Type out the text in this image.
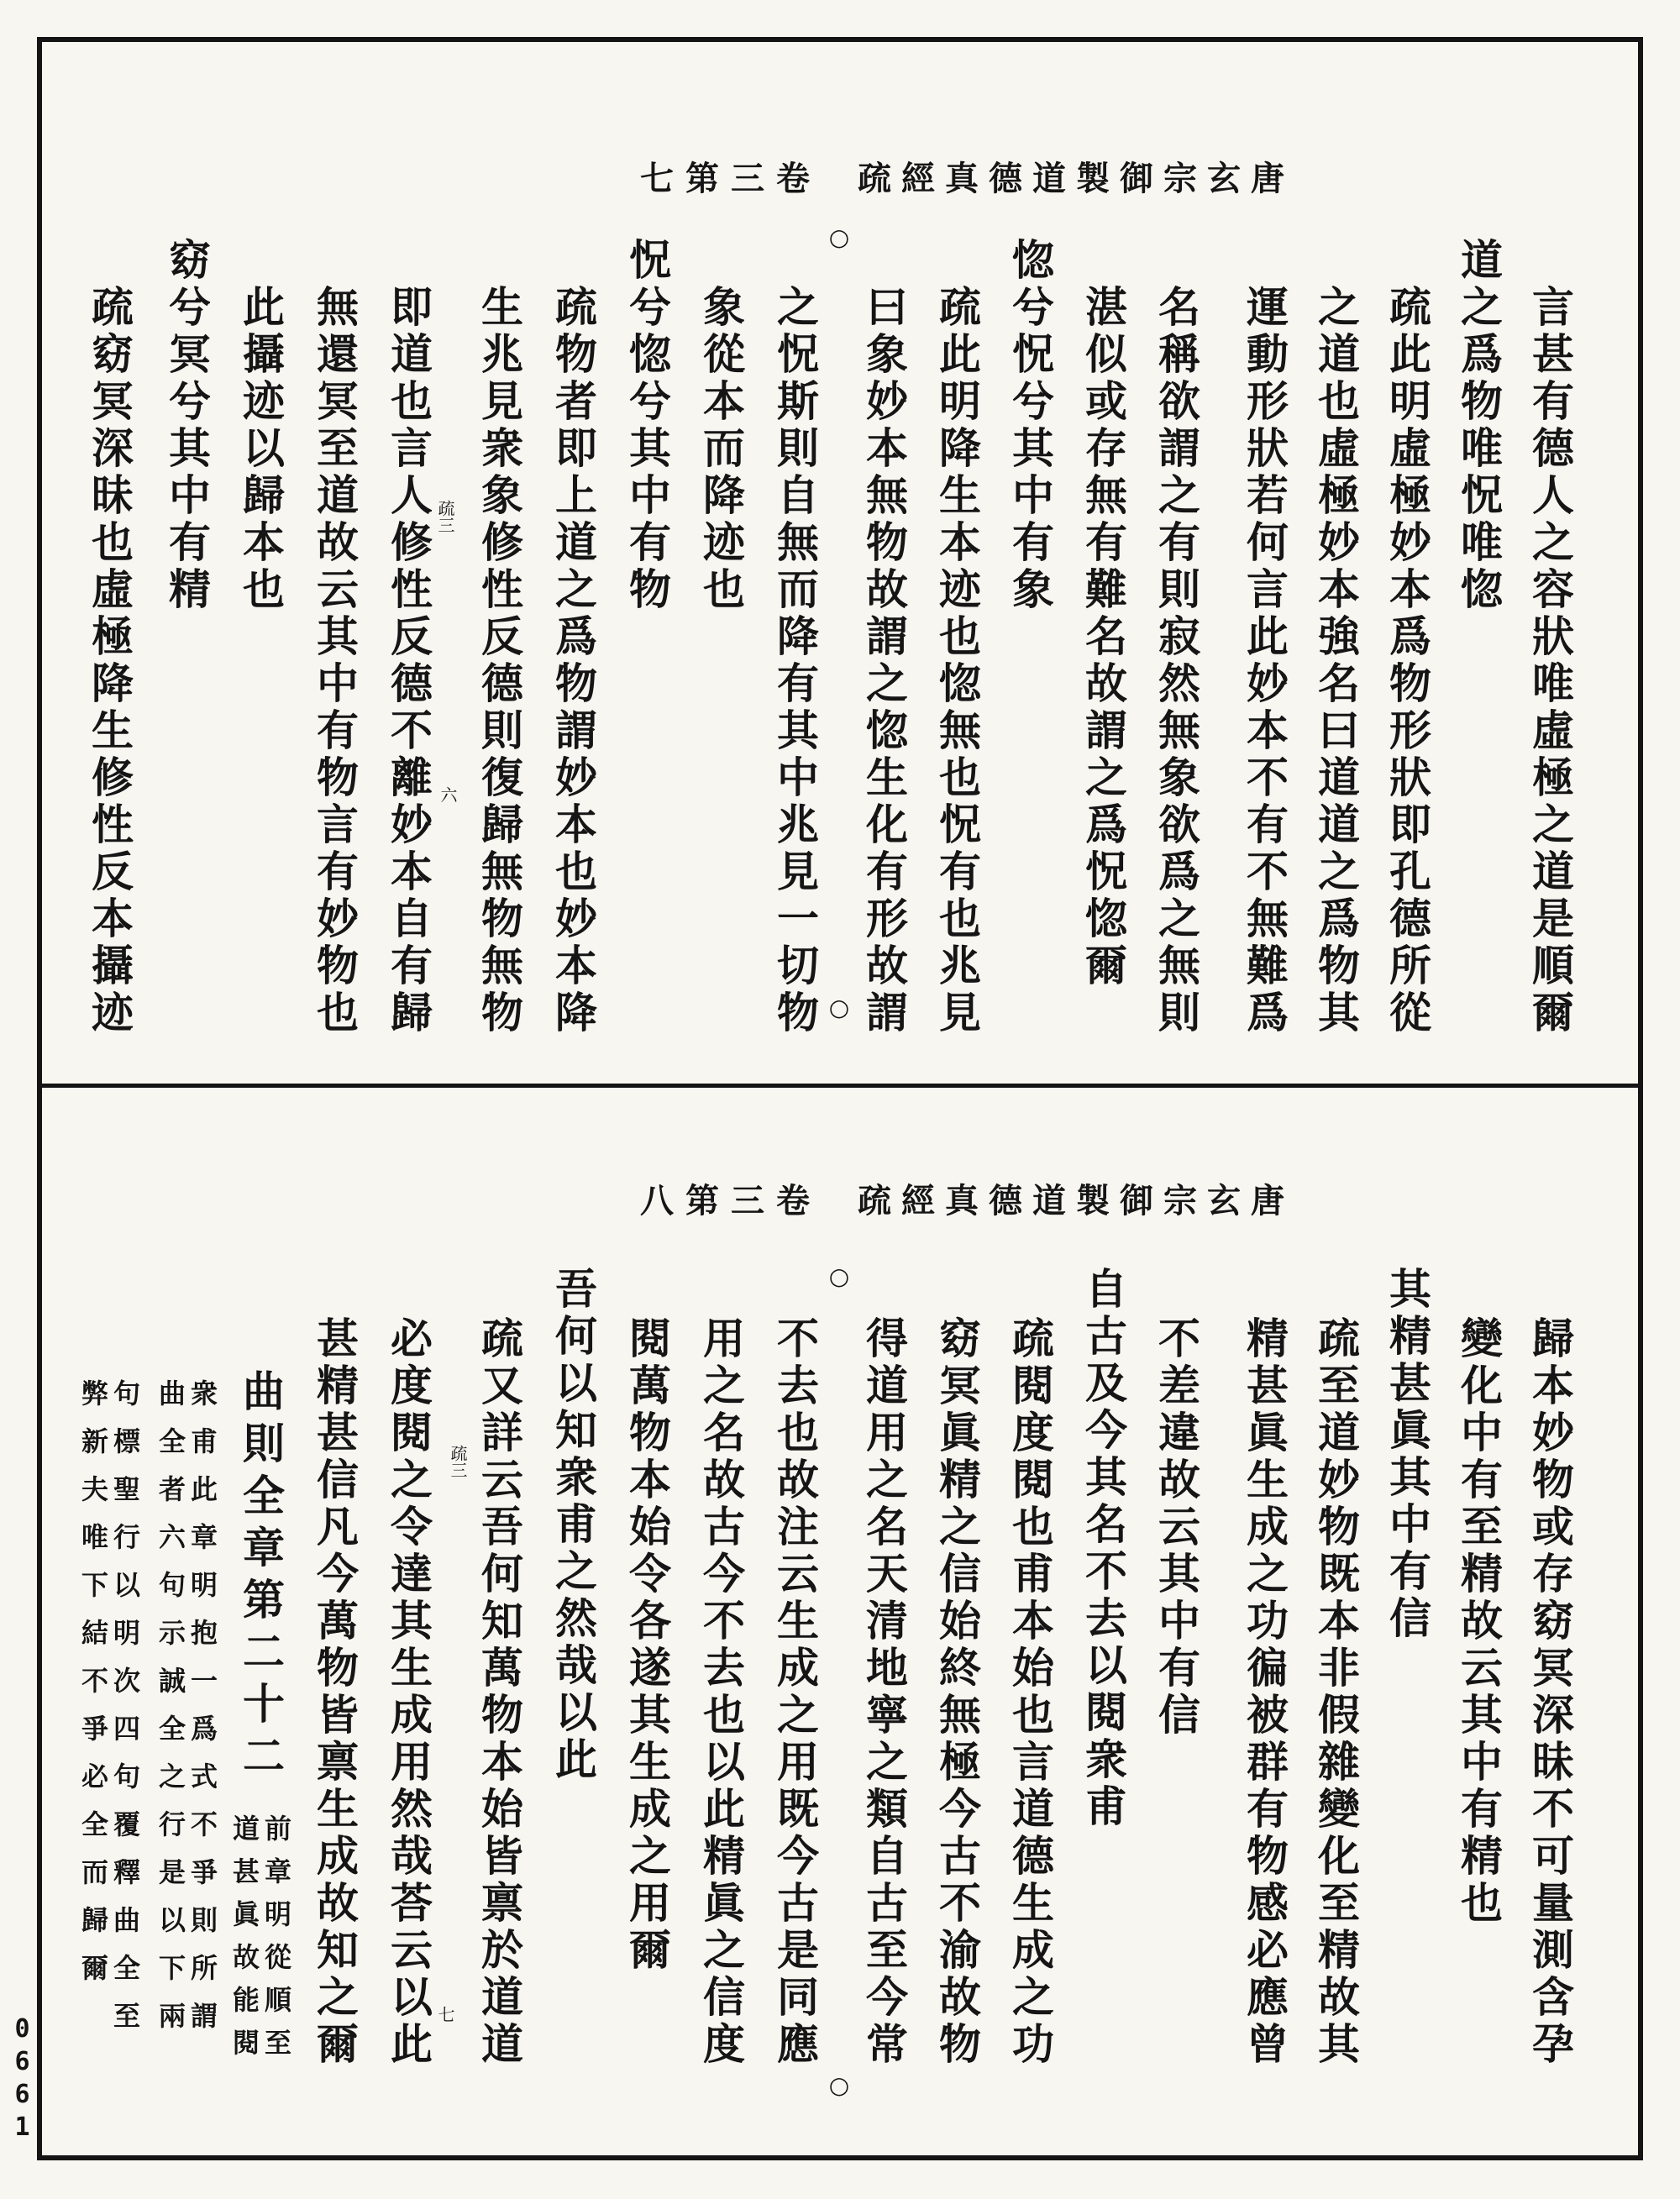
唐玄宗御製道德真經疏
卷三第七
言甚有德人之容狀唯虛極之道是順爾
道之爲物唯怳唯惚
疏此明虛極妙本爲物形狀即孔德所從
之道也虛極妙本強名曰道道之爲物其
運動形狀若何言此妙本不有不無難爲
名稱欲謂之有則寂然無象欲爲之無則
湛似或存無有難名故謂之爲怳惚爾
惚兮怳兮其中有象
疏此明降生本迹也惚無也怳有也兆見
曰象妙本無物故謂之惚生化有形故謂
之怳斯則自無而降有其中兆見一切物
象從本而降迹也
怳兮惚兮其中有物
疏物者即上道之爲物謂妙本也妙本降
生兆見衆象修性反德則復歸無物無物
即道也言人修性反德不離妙本自有歸
無還冥至道故云其中有物言有妙物也
此攝迹以歸本也
窈兮冥兮其中有精
疏窈冥深昧也虛極降生修性反本攝迹
○
○
疏三
六
唐玄宗御製道德真經疏
卷三第八
歸本妙物或存窈冥深昧不可量測含孕
變化中有至精故云其中有精也
其精甚眞其中有信
疏至道妙物既本非假雜變化至精故其
精甚眞生成之功徧被群有物感必應曾
不差違故云其中有信
自古及今其名不去以閱衆甫
疏閱度閱也甫本始也言道德生成之功
窈冥眞精之信始終無極今古不渝故物
得道用之名天清地寧之類自古至今常
不去也故注云生成之用既今古是同應
用之名故古今不去也以此精眞之信度
閱萬物本始令各遂其生成之用爾
吾何以知衆甫之然哉以此
疏又詳云吾何知萬物本始皆禀於道道
必度閱之令達其生成用然哉荅云以此
甚精甚信凡今萬物皆禀生成故知之爾
曲則全章第二十二
前章明從順至
道甚眞故能閱
衆甫此章明抱一爲式不爭則所謂
曲全者六句示誠全之行是以下兩
句標聖行以明次四句覆釋曲全至
弊新夫唯下結不爭必全而歸爾
○
○
疏三
七
0661
